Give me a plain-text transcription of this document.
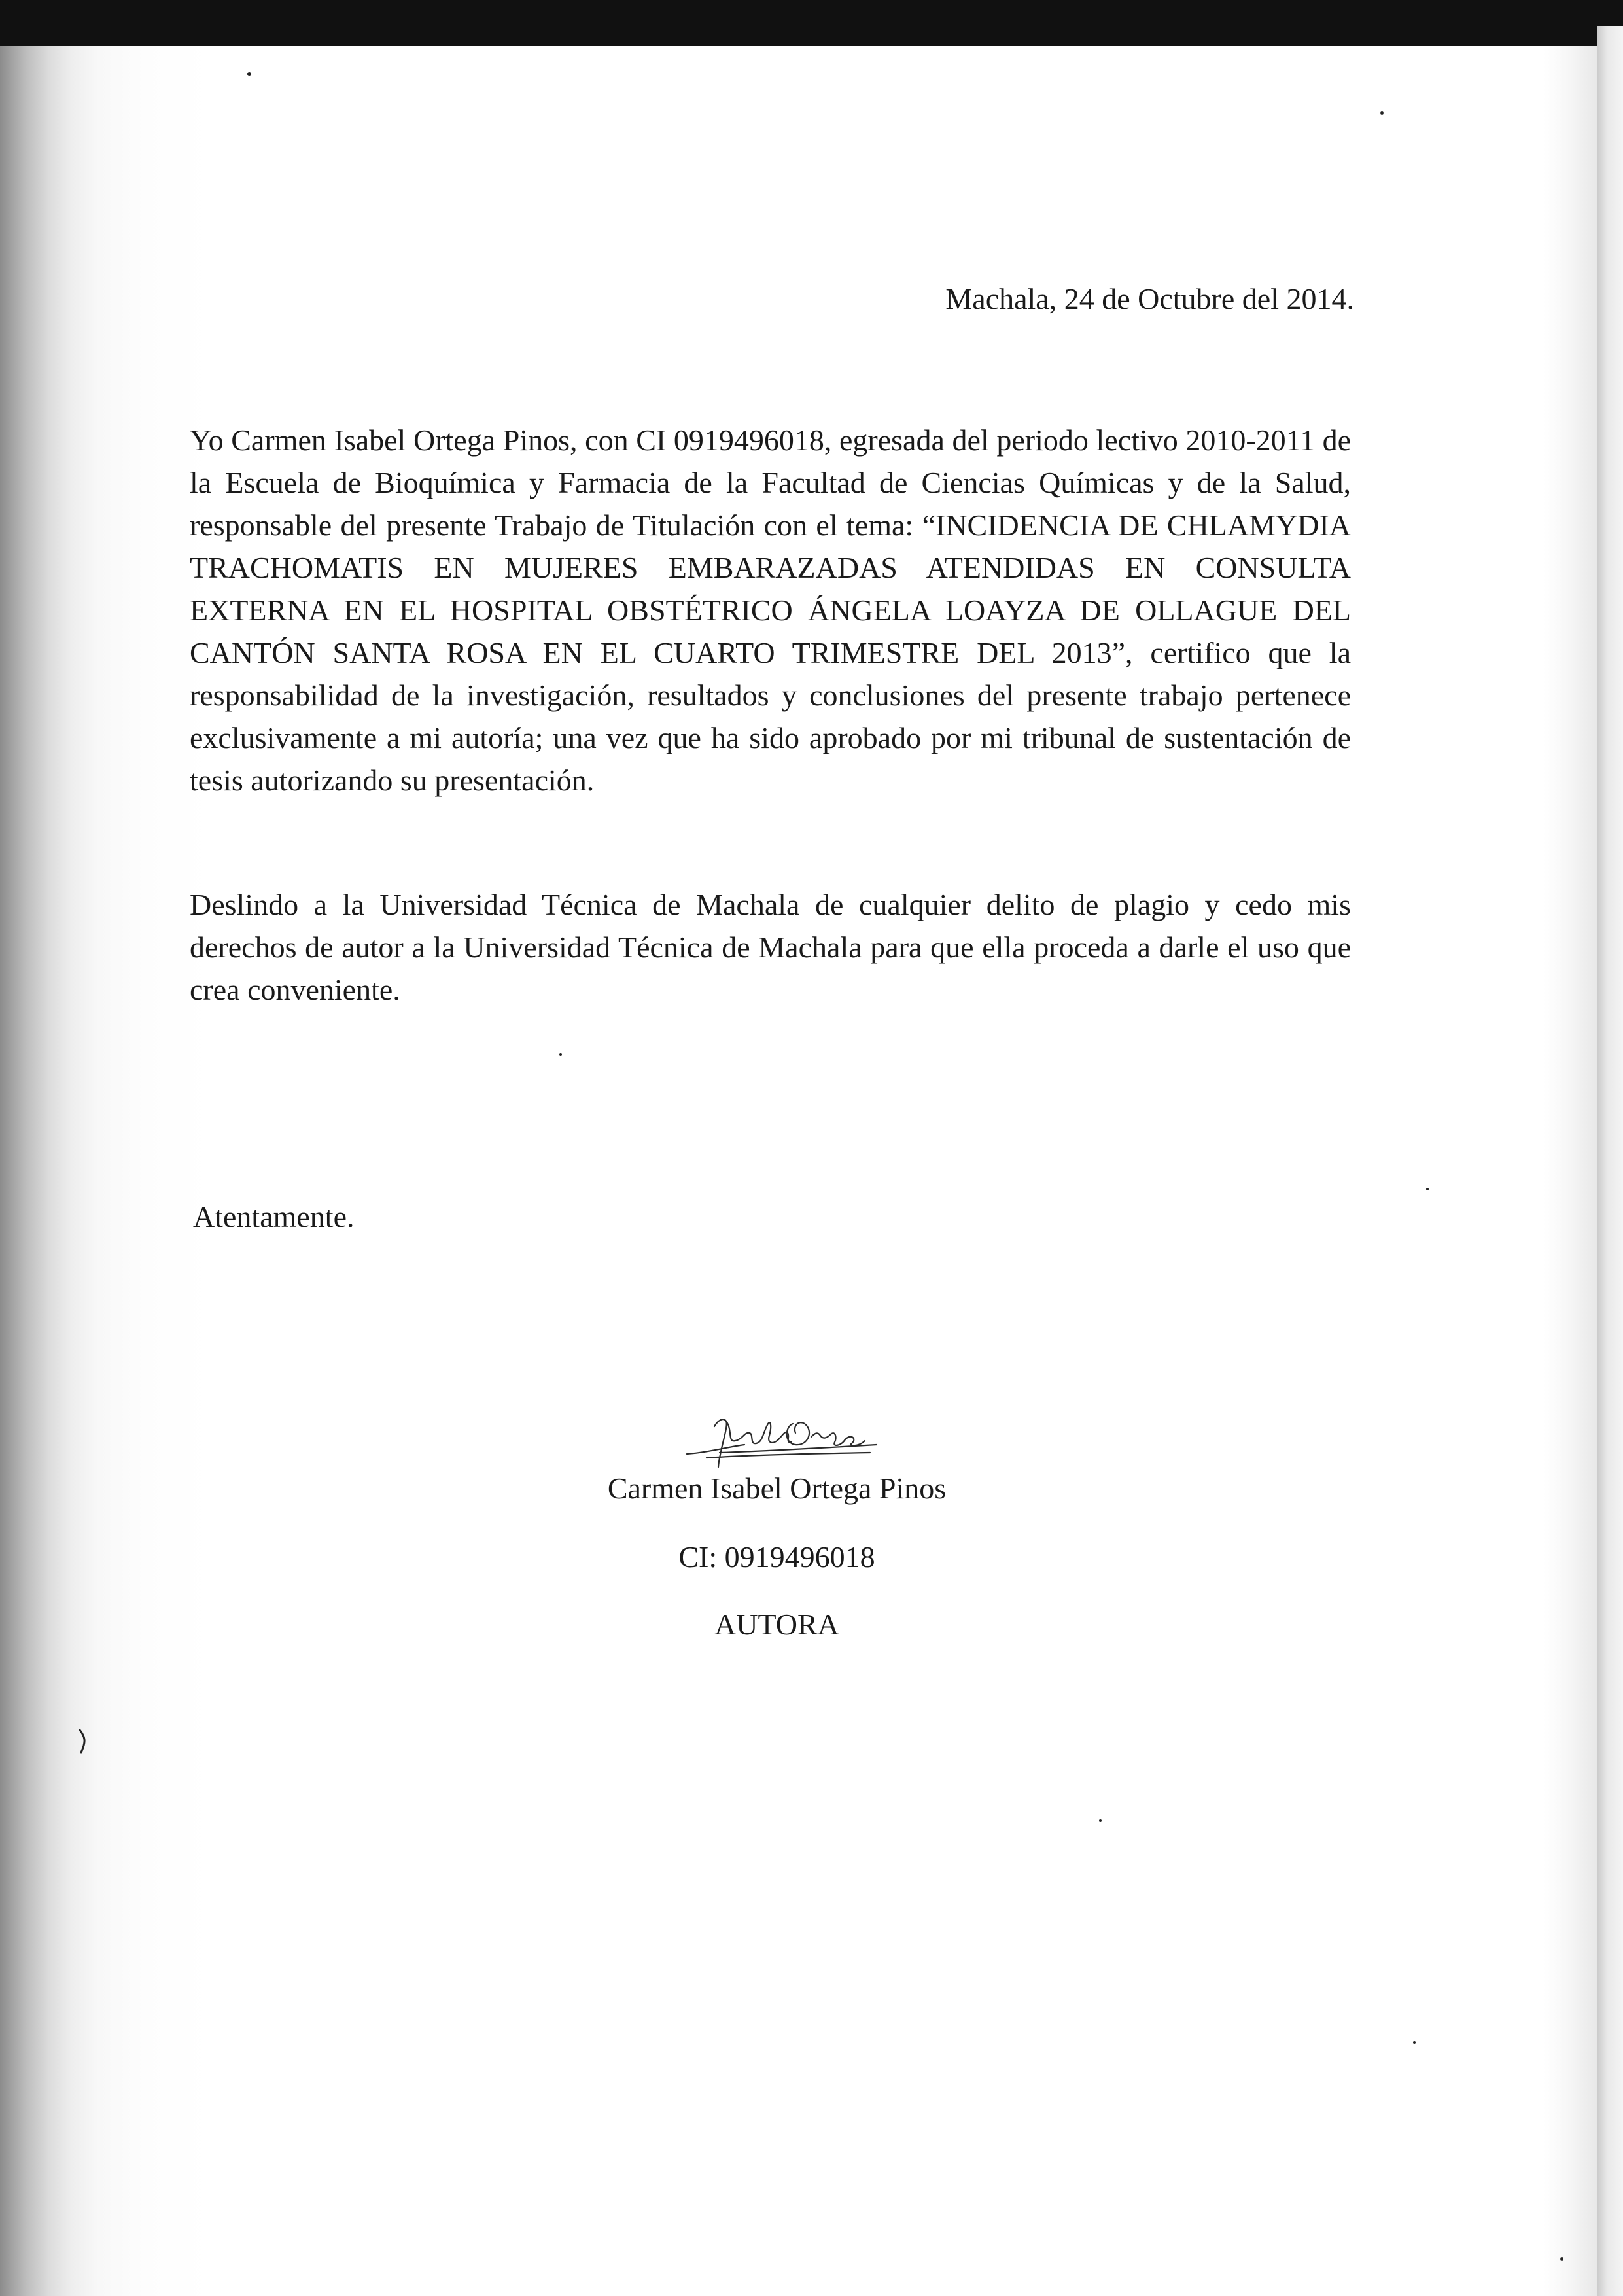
Machala, 24 de Octubre del 2014.
Yo Carmen Isabel Ortega Pinos, con CI 0919496018, egresada del periodo lectivo 2010-2011 de la Escuela de Bioquímica y Farmacia de la Facultad de Ciencias Químicas y de la Salud, responsable del presente Trabajo de Titulación con el tema: “INCIDENCIA DE CHLAMYDIA TRACHOMATIS EN MUJERES EMBARAZADAS ATENDIDAS EN CONSULTA EXTERNA EN EL HOSPITAL OBSTÉTRICO ÁNGELA LOAYZA DE OLLAGUE DEL CANTÓN SANTA ROSA EN EL CUARTO TRIMESTRE DEL 2013”, certifico que la responsabilidad de la investigación, resultados y conclusiones del presente trabajo pertenece exclusivamente a mi autoría; una vez que ha sido aprobado por mi tribunal de sustentación de tesis autorizando su presentación.
Deslindo a la Universidad Técnica de Machala de cualquier delito de plagio y cedo mis derechos de autor a la Universidad Técnica de Machala para que ella proceda a darle el uso que crea conveniente.
Atentamente.
Carmen Isabel Ortega Pinos
CI: 0919496018
AUTORA
